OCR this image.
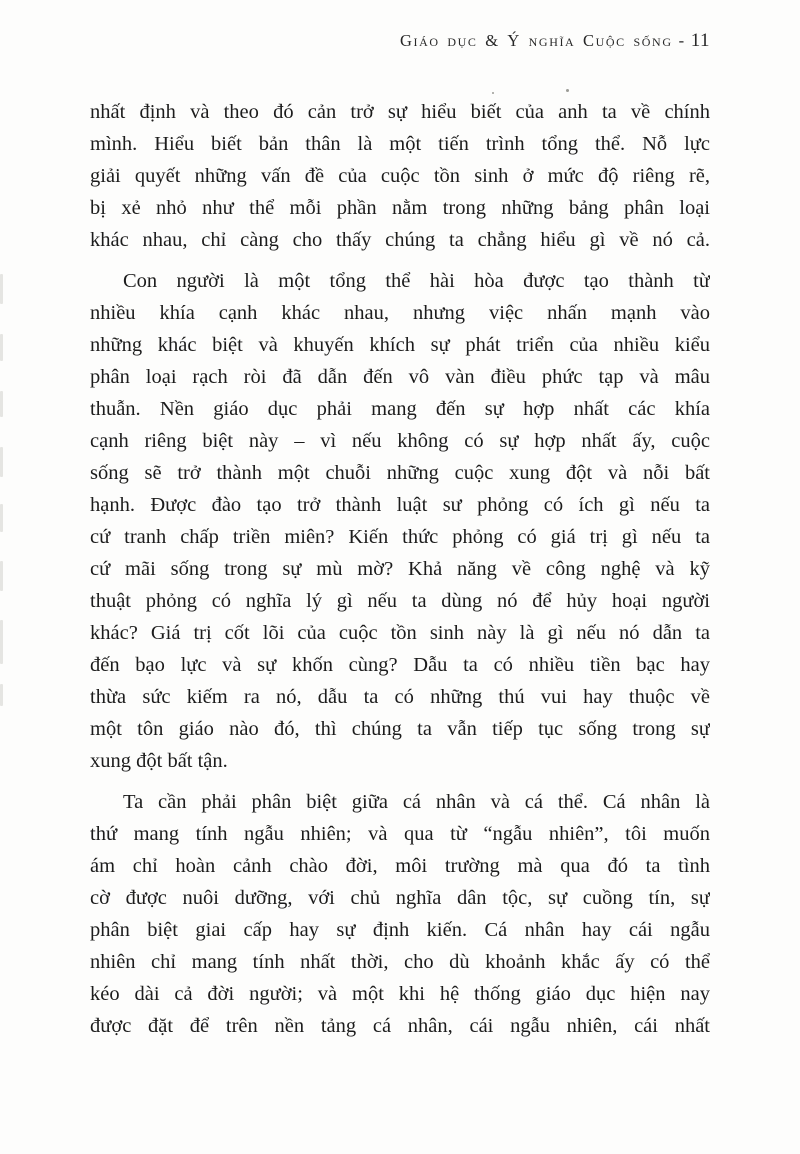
Giáo dục & Ý nghĩa Cuộc sống - 11
nhất định và theo đó cản trở sự hiểu biết của anh ta về chính
mình. Hiểu biết bản thân là một tiến trình tổng thể. Nỗ lực
giải quyết những vấn đề của cuộc tồn sinh ở mức độ riêng rẽ,
bị xẻ nhỏ như thể mỗi phần nằm trong những bảng phân loại
khác nhau, chỉ càng cho thấy chúng ta chẳng hiểu gì về nó cả.
Con người là một tổng thể hài hòa được tạo thành từ
nhiều khía cạnh khác nhau, nhưng việc nhấn mạnh vào
những khác biệt và khuyến khích sự phát triển của nhiều kiểu
phân loại rạch ròi đã dẫn đến vô vàn điều phức tạp và mâu
thuẫn. Nền giáo dục phải mang đến sự hợp nhất các khía
cạnh riêng biệt này – vì nếu không có sự hợp nhất ấy, cuộc
sống sẽ trở thành một chuỗi những cuộc xung đột và nỗi bất
hạnh. Được đào tạo trở thành luật sư phỏng có ích gì nếu ta
cứ tranh chấp triền miên? Kiến thức phỏng có giá trị gì nếu ta
cứ mãi sống trong sự mù mờ? Khả năng về công nghệ và kỹ
thuật phỏng có nghĩa lý gì nếu ta dùng nó để hủy hoại người
khác? Giá trị cốt lõi của cuộc tồn sinh này là gì nếu nó dẫn ta
đến bạo lực và sự khốn cùng? Dẫu ta có nhiều tiền bạc hay
thừa sức kiếm ra nó, dẫu ta có những thú vui hay thuộc về
một tôn giáo nào đó, thì chúng ta vẫn tiếp tục sống trong sự
xung đột bất tận.
Ta cần phải phân biệt giữa cá nhân và cá thể. Cá nhân là
thứ mang tính ngẫu nhiên; và qua từ “ngẫu nhiên”, tôi muốn
ám chỉ hoàn cảnh chào đời, môi trường mà qua đó ta tình
cờ được nuôi dưỡng, với chủ nghĩa dân tộc, sự cuồng tín, sự
phân biệt giai cấp hay sự định kiến. Cá nhân hay cái ngẫu
nhiên chỉ mang tính nhất thời, cho dù khoảnh khắc ấy có thể
kéo dài cả đời người; và một khi hệ thống giáo dục hiện nay
được đặt để trên nền tảng cá nhân, cái ngẫu nhiên, cái nhất
